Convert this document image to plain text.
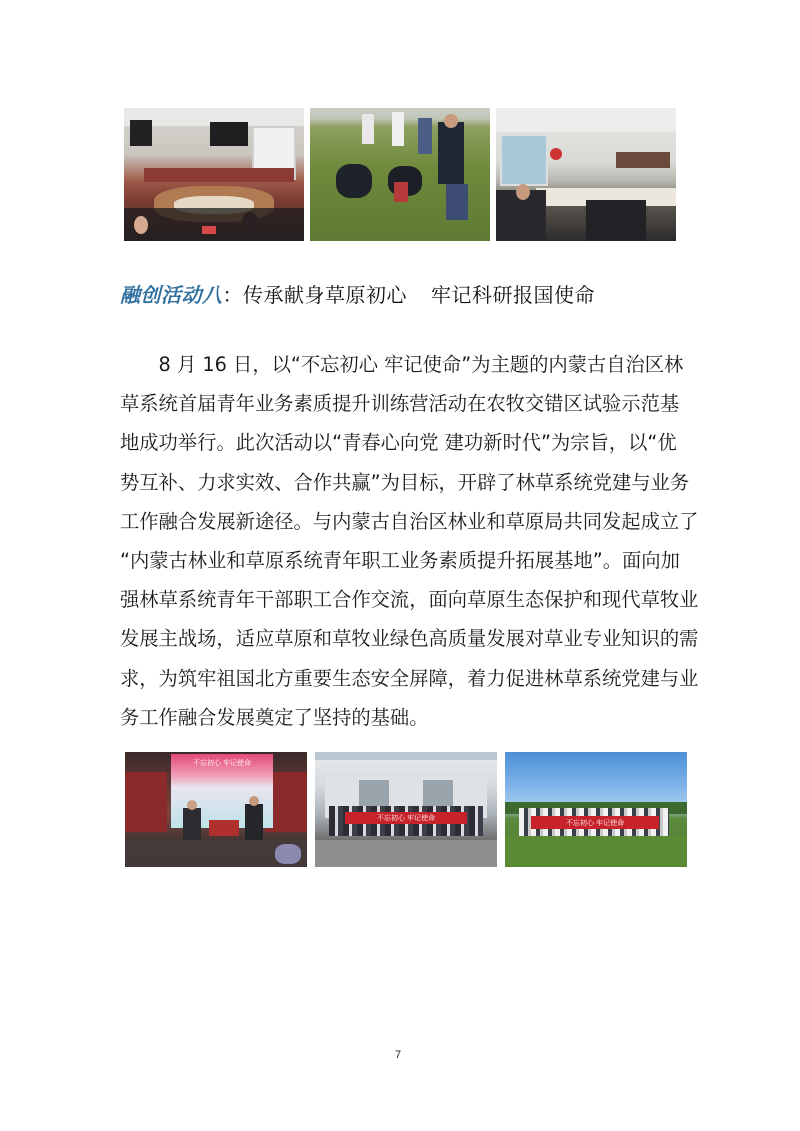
融创活动八：传承献身草原初心 牢记科研报国使命
　　8 月 16 日，以“不忘初心 牢记使命”为主题的内蒙古自治区林
草系统首届青年业务素质提升训练营活动在农牧交错区试验示范基
地成功举行。此次活动以“青春心向党 建功新时代”为宗旨，以“优
势互补、力求实效、合作共赢”为目标，开辟了林草系统党建与业务
工作融合发展新途径。与内蒙古自治区林业和草原局共同发起成立了
“内蒙古林业和草原系统青年职工业务素质提升拓展基地”。面向加
强林草系统青年干部职工合作交流，面向草原生态保护和现代草牧业
发展主战场，适应草原和草牧业绿色高质量发展对草业专业知识的需
求，为筑牢祖国北方重要生态安全屏障，着力促进林草系统党建与业
务工作融合发展奠定了坚持的基础。
不忘初心 牢记使命
不忘初心 牢记使命
不忘初心 牢记使命
7
